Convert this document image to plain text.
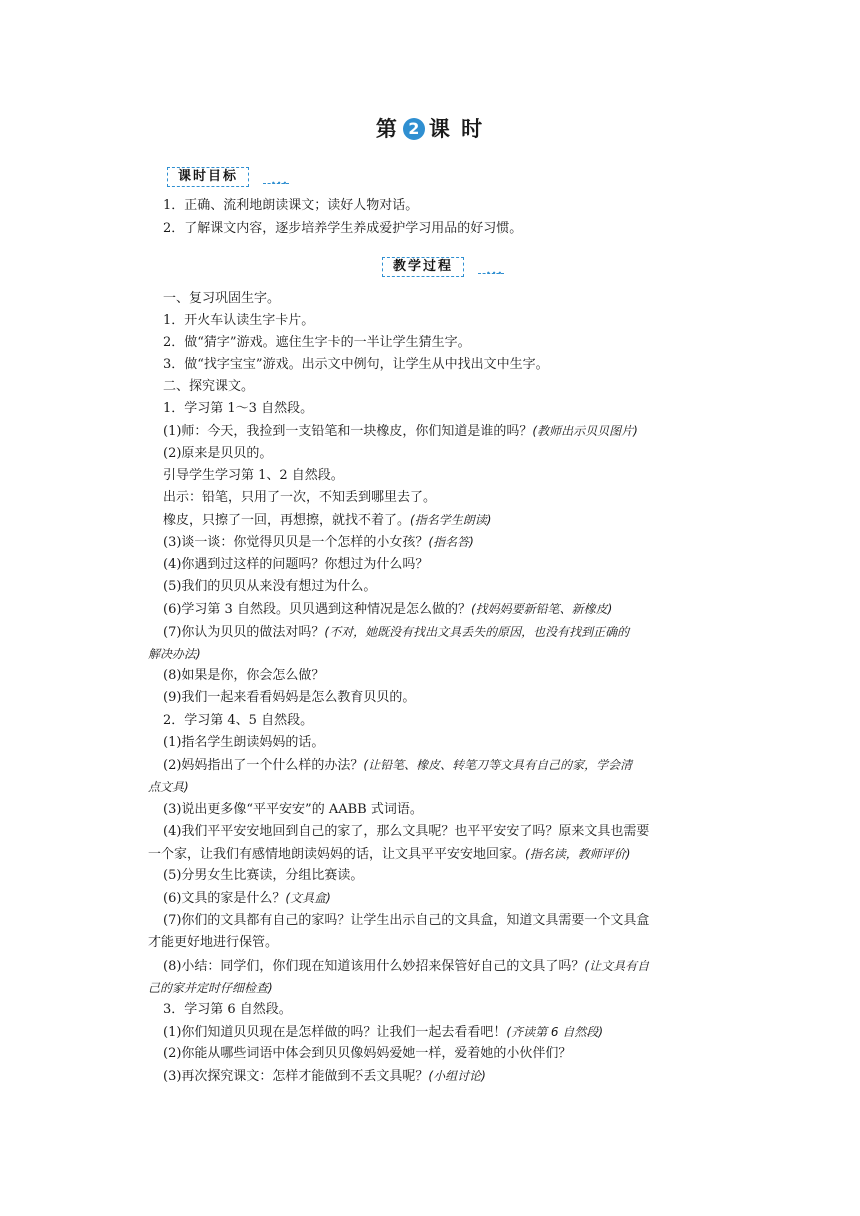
第 2 课 时
课时目标	•••
1．正确、流利地朗读课文；读好人物对话。
2．了解课文内容，逐步培养学生养成爱护学习用品的好习惯。
教学过程	•••
一、复习巩固生字。
1．开火车认读生字卡片。
2．做“猜字”游戏。遮住生字卡的一半让学生猜生字。
3．做“找字宝宝”游戏。出示文中例句，让学生从中找出文中生字。
二、探究课文。
1．学习第 1～3 自然段。
(1)师：今天，我捡到一支铅笔和一块橡皮，你们知道是谁的吗？(教师出示贝贝图片)
(2)原来是贝贝的。
引导学生学习第 1、2 自然段。
出示：铅笔，只用了一次，不知丢到哪里去了。
橡皮，只擦了一回，再想擦，就找不着了。(指名学生朗读)
(3)谈一谈：你觉得贝贝是一个怎样的小女孩？(指名答)
(4)你遇到过这样的问题吗？你想过为什么吗？
(5)我们的贝贝从来没有想过为什么。
(6)学习第 3 自然段。贝贝遇到这种情况是怎么做的？(找妈妈要新铅笔、新橡皮)
(7)你认为贝贝的做法对吗？(不对，她既没有找出文具丢失的原因，也没有找到正确的
解决办法)
(8)如果是你，你会怎么做？
(9)我们一起来看看妈妈是怎么教育贝贝的。
2．学习第 4、5 自然段。
(1)指名学生朗读妈妈的话。
(2)妈妈指出了一个什么样的办法？(让铅笔、橡皮、转笔刀等文具有自己的家，学会清
点文具)
(3)说出更多像“平平安安”的 AABB 式词语。
(4)我们平平安安地回到自己的家了，那么文具呢？也平平安安了吗？原来文具也需要
一个家，让我们有感情地朗读妈妈的话，让文具平平安安地回家。(指名读，教师评价)
(5)分男女生比赛读，分组比赛读。
(6)文具的家是什么？(文具盒)
(7)你们的文具都有自己的家吗？让学生出示自己的文具盒，知道文具需要一个文具盒
才能更好地进行保管。
(8)小结：同学们，你们现在知道该用什么妙招来保管好自己的文具了吗？(让文具有自
己的家并定时仔细检查)
3．学习第 6 自然段。
(1)你们知道贝贝现在是怎样做的吗？让我们一起去看看吧！(齐读第 6 自然段)
(2)你能从哪些词语中体会到贝贝像妈妈爱她一样，爱着她的小伙伴们？
(3)再次探究课文：怎样才能做到不丢文具呢？(小组讨论)
